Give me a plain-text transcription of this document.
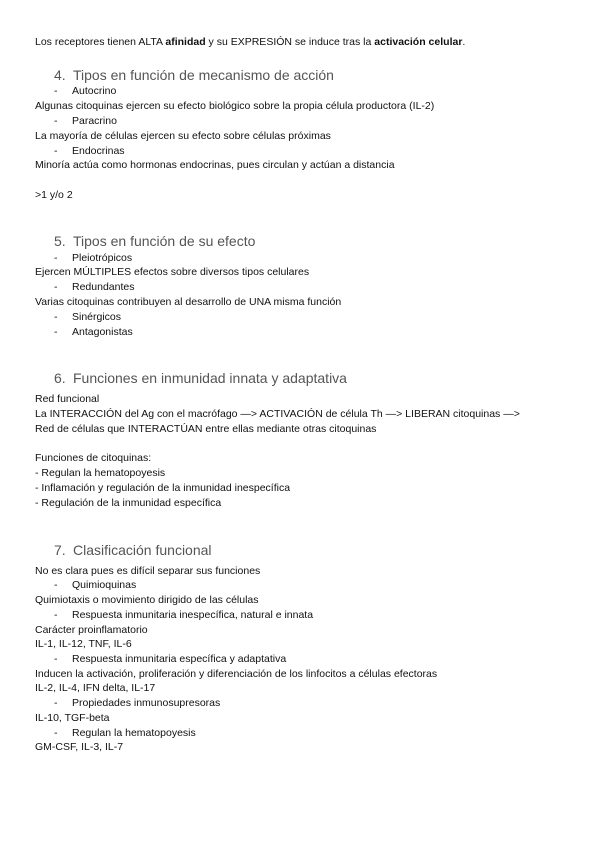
Los receptores tienen ALTA afinidad y su EXPRESIÓN se induce tras la activación celular.
4. Tipos en función de mecanismo de acción
- Autocrino
Algunas citoquinas ejercen su efecto biológico sobre la propia célula productora (IL-2)
- Paracrino
La mayoría de células ejercen su efecto sobre células próximas
- Endocrinas
Minoría actúa como hormonas endocrinas, pues circulan y actúan a distancia
>1 y/o 2
5. Tipos en función de su efecto
- Pleiotrópicos
Ejercen MÚLTIPLES efectos sobre diversos tipos celulares
- Redundantes
Varias citoquinas contribuyen al desarrollo de UNA misma función
- Sinérgicos
- Antagonistas
6. Funciones en inmunidad innata y adaptativa
Red funcional
La INTERACCIÓN del Ag con el macrófago —> ACTIVACIÓN de célula Th —> LIBERAN citoquinas —>
Red de células que INTERACTÚAN entre ellas mediante otras citoquinas
Funciones de citoquinas:
- Regulan la hematopoyesis
- Inflamación y regulación de la inmunidad inespecífica
- Regulación de la inmunidad específica
7. Clasificación funcional
No es clara pues es difícil separar sus funciones
- Quimioquinas
Quimiotaxis o movimiento dirigido de las células
- Respuesta inmunitaria inespecífica, natural e innata
Carácter proinflamatorio
IL-1, IL-12, TNF, IL-6
- Respuesta inmunitaria específica y adaptativa
Inducen la activación, proliferación y diferenciación de los linfocitos a células efectoras
IL-2, IL-4, IFN delta, IL-17
- Propiedades inmunosupresoras
IL-10, TGF-beta
- Regulan la hematopoyesis
GM-CSF, IL-3, IL-7
